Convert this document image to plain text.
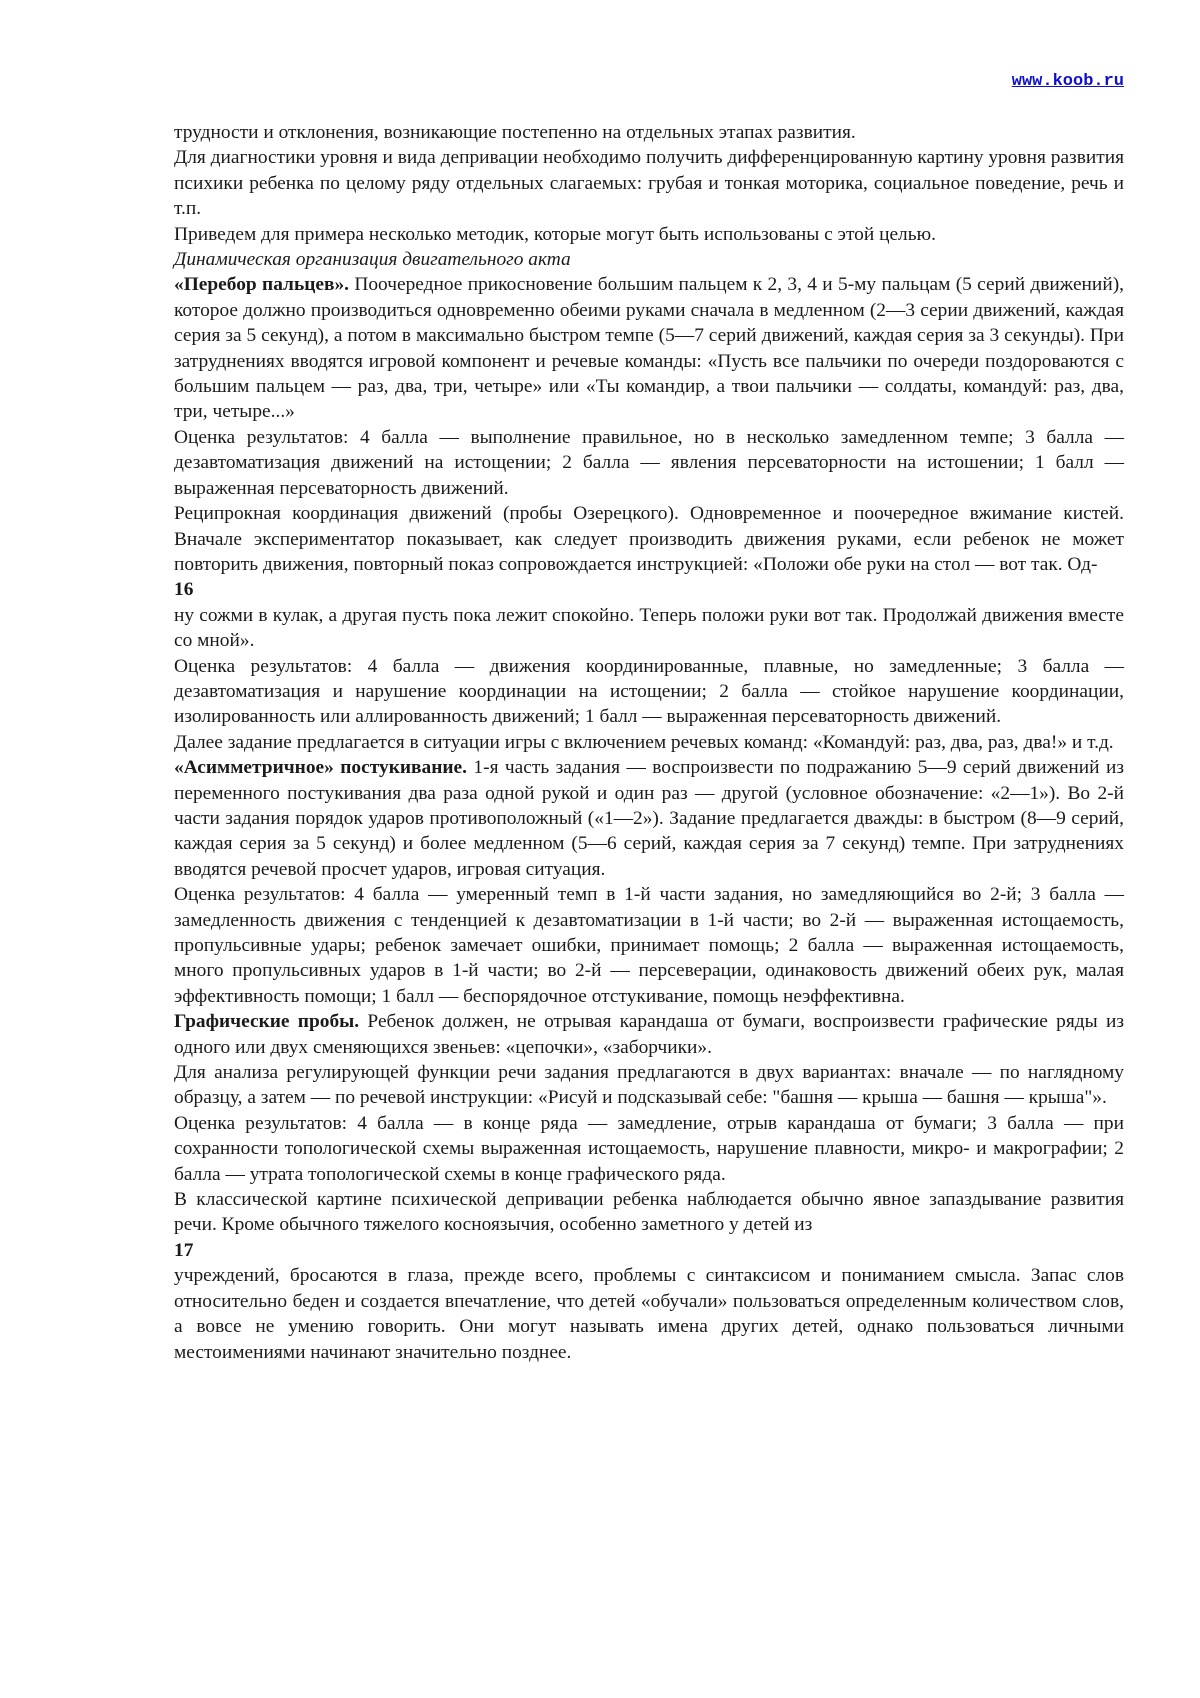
www.koob.ru

трудности и отклонения, возникающие постепенно на отдельных этапах развития.

Для диагностики уровня и вида депривации необходимо получить дифференцированную картину уровня развития психики ребенка по целому ряду отдельных слагаемых: грубая и тонкая моторика, социальное поведение, речь и т.п.

Приведем для примера несколько методик, которые могут быть использованы с этой целью.

Динамическая организация двигательного акта

«Перебор пальцев». Поочередное прикосновение большим пальцем к 2, 3, 4 и 5-му пальцам (5 серий движений), которое должно производиться одновременно обеими руками сначала в медленном (2—3 серии движений, каждая серия за 5 секунд), а потом в максимально быстром темпе (5—7 серий движений, каждая серия за 3 секунды). При затруднениях вводятся игровой компонент и речевые команды: «Пусть все пальчики по очереди поздороваются с большим пальцем — раз, два, три, четыре» или «Ты командир, а твои пальчики — солдаты, командуй: раз, два, три, четыре...»

Оценка результатов: 4 балла — выполнение правильное, но в несколько замедленном темпе; 3 балла — дезавтоматизация движений на истощении; 2 балла — явления персеваторности на истошении; 1 балл — выраженная персеваторность движений.

Реципрокная координация движений (пробы Озерецкого). Одновременное и поочередное вжимание кистей. Вначале экспериментатор показывает, как следует производить движения руками, если ребенок не может повторить движения, повторный показ сопровождается инструкцией: «Положи обе руки на стол — вот так. Од-

16

ну сожми в кулак, а другая пусть пока лежит спокойно. Теперь положи руки вот так. Продолжай движения вместе со мной».

Оценка результатов: 4 балла — движения координированные, плавные, но замедленные; 3 балла — дезавтоматизация и нарушение координации на истощении; 2 балла — стойкое нарушение координации, изолированность или аллированность движений; 1 балл — выраженная персеваторность движений.

Далее задание предлагается в ситуации игры с включением речевых команд: «Командуй: раз, два, раз, два!» и т.д.

«Асимметричное» постукивание. 1-я часть задания — воспроизвести по подражанию 5—9 серий движений из переменного постукивания два раза одной рукой и один раз — другой (условное обозначение: «2—1»). Во 2-й части задания порядок ударов противоположный («1—2»). Задание предлагается дважды: в быстром (8—9 серий, каждая серия за 5 секунд) и более медленном (5—6 серий, каждая серия за 7 секунд) темпе. При затруднениях вводятся речевой просчет ударов, игровая ситуация.

Оценка результатов: 4 балла — умеренный темп в 1-й части задания, но замедляющийся во 2-й; 3 балла — замедленность движения с тенденцией к дезавтоматизации в 1-й части; во 2-й — выраженная истощаемость, пропульсивные удары; ребенок замечает ошибки, принимает помощь; 2 балла — выраженная истощаемость, много пропульсивных ударов в 1-й части; во 2-й — персеверации, одинаковость движений обеих рук, малая эффективность помощи; 1 балл — беспорядочное отстукивание, помощь неэффективна.

Графические пробы. Ребенок должен, не отрывая карандаша от бумаги, воспроизвести графические ряды из одного или двух сменяющихся звеньев: «цепочки», «заборчики».

Для анализа регулирующей функции речи задания предлагаются в двух вариантах: вначале — по наглядному образцу, а затем — по речевой инструкции: «Рисуй и подсказывай себе: "башня — крыша — башня — крыша"».

Оценка результатов: 4 балла — в конце ряда — замедление, отрыв карандаша от бумаги; 3 балла — при сохранности топологической схемы выраженная истощаемость, нарушение плавности, микро- и макрографии; 2 балла — утрата топологической схемы в конце графического ряда.

В классической картине психической депривации ребенка наблюдается обычно явное запаздывание развития речи. Кроме обычного тяжелого косноязычия, особенно заметного у детей из

17

учреждений, бросаются в глаза, прежде всего, проблемы с синтаксисом и пониманием смысла. Запас слов относительно беден и создается впечатление, что детей «обучали» пользоваться определенным количеством слов, а вовсе не умению говорить. Они могут называть имена других детей, однако пользоваться личными местоимениями начинают значительно позднее.
